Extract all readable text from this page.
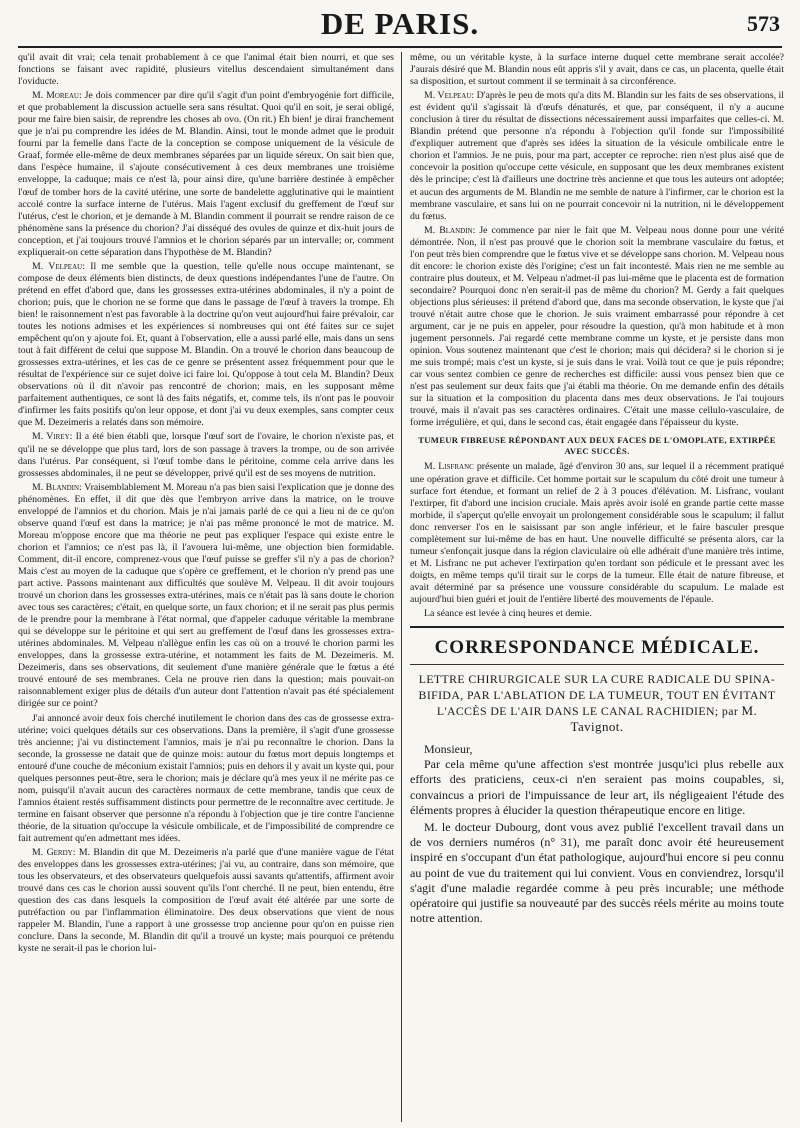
DE PARIS.	573

qu'il avait dit vrai; cela tenait probablement à ce que l'animal était bien nourri, et que ses fonctions se faisant avec rapidité, plusieurs vitellus descendaient simultanément dans l'oviducte.

M. Moreau: Je dois commencer par dire qu'il s'agit d'un point d'embryogénie fort difficile, et que probablement la discussion actuelle sera sans résultat. Quoi qu'il en soit, je serai obligé, pour me faire bien saisir, de reprendre les choses ab ovo. (On rit.) Eh bien! je dirai franchement que je n'ai pu comprendre les idées de M. Blandin. Ainsi, tout le monde admet que le produit fourni par la femelle dans l'acte de la conception se compose uniquement de la vésicule de Graaf, formée elle-même de deux membranes séparées par un liquide séreux. On sait bien que, dans l'espèce humaine, il s'ajoute consécutivement à ces deux membranes une troisième enveloppe, la caduque; mais ce n'est là, pour ainsi dire, qu'une barrière destinée à empêcher l'œuf de tomber hors de la cavité utérine, une sorte de bandelette agglutinative qui le maintient accolé contre la surface interne de l'utérus. Mais l'agent exclusif du greffement de l'œuf sur l'utérus, c'est le chorion, et je demande à M. Blandin comment il pourrait se rendre raison de ce phénomène sans la présence du chorion? J'ai disséqué des ovules de quinze et dix-huit jours de conception, et j'ai toujours trouvé l'amnios et le chorion séparés par un intervalle; or, comment expliquerait-on cette séparation dans l'hypothèse de M. Blandin?

M. Velpeau: Il me semble que la question, telle qu'elle nous occupe maintenant, se compose de deux éléments bien distincts, de deux questions indépendantes l'une de l'autre. On prétend en effet d'abord que, dans les grossesses extra-utérines abdominales, il n'y a point de chorion; puis, que le chorion ne se forme que dans le passage de l'œuf à travers la trompe. Eh bien! le raisonnement n'est pas favorable à la doctrine qu'on veut aujourd'hui faire prévaloir, car toutes les notions admises et les expériences si nombreuses qui ont été faites sur ce sujet empêchent qu'on y ajoute foi. Et, quant à l'observation, elle a aussi parlé elle, mais dans un sens tout à fait différent de celui que suppose M. Blandin. On a trouvé le chorion dans beaucoup de grossesses extra-utérines, et les cas de ce genre se présentent assez fréquemment pour que le résultat de l'expérience sur ce sujet doive ici faire loi. Qu'oppose à tout cela M. Blandin? Deux observations où il dit n'avoir pas rencontré de chorion; mais, en les supposant même parfaitement authentiques, ce sont là des faits négatifs, et, comme tels, ils n'ont pas le pouvoir d'infirmer les faits positifs qu'on leur oppose, et dont j'ai vu deux exemples, sans compter ceux que M. Dezeimeris a relatés dans son mémoire.

M. Virey: Il a été bien établi que, lorsque l'œuf sort de l'ovaire, le chorion n'existe pas, et qu'il ne se développe que plus tard, lors de son passage à travers la trompe, ou de son arrivée dans l'utérus. Par conséquent, si l'œuf tombe dans le péritoine, comme cela arrive dans les grossesses abdominales, il ne peut se développer, privé qu'il est de ses moyens de nutrition.

M. Blandin: Vraisemblablement M. Moreau n'a pas bien saisi l'explication que je donne des phénomènes. En effet, il dit que dès que l'embryon arrive dans la matrice, on le trouve enveloppé de l'amnios et du chorion. Mais je n'ai jamais parlé de ce qui a lieu ni de ce qu'on observe quand l'œuf est dans la matrice; je n'ai pas même prononcé le mot de matrice. M. Moreau m'oppose encore que ma théorie ne peut pas expliquer l'espace qui existe entre le chorion et l'amnios; ce n'est pas là, il l'avouera lui-même, une objection bien formidable. Comment, dit-il encore, comprenez-vous que l'œuf puisse se greffer s'il n'y a pas de chorion? Mais c'est au moyen de la caduque que s'opère ce greffement, et le chorion n'y prend pas une part active. Passons maintenant aux difficultés que soulève M. Velpeau. Il dit avoir toujours trouvé un chorion dans les grossesses extra-utérines, mais ce n'était pas là sans doute le chorion avec tous ses caractères; c'était, en quelque sorte, un faux chorion; et il ne serait pas plus permis de le prendre pour la membrane à l'état normal, que d'appeler caduque véritable la membrane qui se développe sur le péritoine et qui sert au greffement de l'œuf dans les grossesses extra-utérines abdominales. M. Velpeau n'allègue enfin les cas où on a trouvé le chorion parmi les enveloppes, dans la grossesse extra-utérine, et notamment les faits de M. Dezeimeris. M. Dezeimeris, dans ses observations, dit seulement d'une manière générale que le fœtus a été trouvé entouré de ses membranes. Cela ne prouve rien dans la question; mais pouvait-on raisonnablement exiger plus de détails d'un auteur dont l'attention n'avait pas été spécialement dirigée sur ce point?

J'ai annoncé avoir deux fois cherché inutilement le chorion dans des cas de grossesse extra-utérine; voici quelques détails sur ces observations. Dans la première, il s'agit d'une grossesse très ancienne; j'ai vu distinctement l'amnios, mais je n'ai pu reconnaître le chorion. Dans la seconde, la grossesse ne datait que de quinze mois: autour du fœtus mort depuis longtemps et entouré d'une couche de méconium existait l'amnios; puis en dehors il y avait un kyste qui, pour quelques personnes peut-être, sera le chorion; mais je déclare qu'à mes yeux il ne mérite pas ce nom, puisqu'il n'avait aucun des caractères normaux de cette membrane, tandis que ceux de l'amnios étaient restés suffisamment distincts pour permettre de le reconnaître avec certitude. Je termine en faisant observer que personne n'a répondu à l'objection que je tire contre l'ancienne théorie, de la situation qu'occupe la vésicule ombilicale, et de l'impossibilité de comprendre ce fait autrement qu'en admettant mes idées.

M. Gerdy: M. Blandin dit que M. Dezeimeris n'a parlé que d'une manière vague de l'état des enveloppes dans les grossesses extra-utérines; j'ai vu, au contraire, dans son mémoire, que tous les observateurs, et des observateurs quelquefois aussi savants qu'attentifs, affirment avoir trouvé dans ces cas le chorion aussi souvent qu'ils l'ont cherché. Il ne peut, bien entendu, être question des cas dans lesquels la composition de l'œuf avait été altérée par une sorte de putréfaction ou par l'inflammation éliminatoire. Des deux observations que vient de nous rappeler M. Blandin, l'une a rapport à une grossesse trop ancienne pour qu'on en puisse rien conclure. Dans la seconde, M. Blandin dit qu'il a trouvé un kyste; mais pourquoi ce prétendu kyste ne serait-il pas le chorion lui-

même, ou un véritable kyste, à la surface interne duquel cette membrane serait accolée? J'aurais désiré que M. Blandin nous eût appris s'il y avait, dans ce cas, un placenta, quelle était sa disposition, et surtout comment il se terminait à sa circonférence.

M. Velpeau: D'après le peu de mots qu'a dits M. Blandin sur les faits de ses observations, il est évident qu'il s'agissait là d'œufs dénaturés, et que, par conséquent, il n'y a aucune conclusion à tirer du résultat de dissections nécessairement aussi imparfaites que celles-ci. M. Blandin prétend que personne n'a répondu à l'objection qu'il fonde sur l'impossibilité d'expliquer autrement que d'après ses idées la situation de la vésicule ombilicale entre le chorion et l'amnios. Je ne puis, pour ma part, accepter ce reproche: rien n'est plus aisé que de concevoir la position qu'occupe cette vésicule, en supposant que les deux membranes existent dès le principe; c'est là d'ailleurs une doctrine très ancienne et que tous les auteurs ont adoptée; et aucun des arguments de M. Blandin ne me semble de nature à l'infirmer, car le chorion est la membrane vasculaire, et sans lui on ne pourrait concevoir ni la nutrition, ni le développement du fœtus.

M. Blandin: Je commence par nier le fait que M. Velpeau nous donne pour une vérité démontrée. Non, il n'est pas prouvé que le chorion soit la membrane vasculaire du fœtus, et l'on peut très bien comprendre que le fœtus vive et se développe sans chorion. M. Velpeau nous dit encore: le chorion existe dès l'origine; c'est un fait incontesté. Mais rien ne me semble au contraire plus douteux, et M. Velpeau n'admet-il pas lui-même que le placenta est de formation secondaire? Pourquoi donc n'en serait-il pas de même du chorion? M. Gerdy a fait quelques objections plus sérieuses: il prétend d'abord que, dans ma seconde observation, le kyste que j'ai trouvé n'était autre chose que le chorion. Je suis vraiment embarrassé pour répondre à cet argument, car je ne puis en appeler, pour résoudre la question, qu'à mon habitude et à mon jugement personnels. J'ai regardé cette membrane comme un kyste, et je persiste dans mon opinion. Vous soutenez maintenant que c'est le chorion; mais qui décidera? si le chorion si je me suis trompé; mais c'est un kyste, si je suis dans le vrai. Voilà tout ce que je puis répondre; car vous sentez combien ce genre de recherches est difficile: aussi vous pensez bien que ce n'est pas seulement sur deux faits que j'ai établi ma théorie. On me demande enfin des détails sur la situation et la composition du placenta dans mes deux observations. Je l'ai toujours trouvé, mais il n'avait pas ses caractères ordinaires. C'était une masse cellulo-vasculaire, de forme irrégulière, et qui, dans le second cas, était engagée dans l'épaisseur du kyste.

TUMEUR FIBREUSE RÉPONDANT AUX DEUX FACES DE L'OMOPLATE, EXTIRPÉE AVEC SUCCÈS.

M. Lisfranc présente un malade, âgé d'environ 30 ans, sur lequel il a récemment pratiqué une opération grave et difficile. Cet homme portait sur le scapulum du côté droit une tumeur à surface fort étendue, et formant un relief de 2 à 3 pouces d'élévation. M. Lisfranc, voulant l'extirper, fit d'abord une incision cruciale. Mais après avoir isolé en grande partie cette masse morbide, il s'aperçut qu'elle envoyait un prolongement considérable sous le scapulum; il fallut donc renverser l'os en le saisissant par son angle inférieur, et le faire basculer presque complètement sur lui-même de bas en haut. Une nouvelle difficulté se présenta alors, car la tumeur s'enfonçait jusque dans la région claviculaire où elle adhérait d'une manière très intime, et M. Lisfranc ne put achever l'extirpation qu'en tordant son pédicule et le pressant avec les doigts, en même temps qu'il tirait sur le corps de la tumeur. Elle était de nature fibreuse, et avait déterminé par sa présence une voussure considérable du scapulum. Le malade est aujourd'hui bien guéri et jouit de l'entière liberté des mouvements de l'épaule.

La séance est levée à cinq heures et demie.

CORRESPONDANCE MÉDICALE.
LETTRE CHIRURGICALE SUR LA CURE RADICALE DU SPINA-BIFIDA, PAR L'ABLATION DE LA TUMEUR, TOUT EN ÉVITANT L'ACCÈS DE L'AIR DANS LE CANAL RACHIDIEN; par M. Tavignot.

Monsieur,

Par cela même qu'une affection s'est montrée jusqu'ici plus rebelle aux efforts des praticiens, ceux-ci n'en seraient pas moins coupables, si, convaincus a priori de l'impuissance de leur art, ils négligeaient l'étude des éléments propres à élucider la question thérapeutique encore en litige.

M. le docteur Dubourg, dont vous avez publié l'excellent travail dans un de vos derniers numéros (n° 31), me paraît donc avoir été heureusement inspiré en s'occupant d'un état pathologique, aujourd'hui encore si peu connu au point de vue du traitement qui lui convient. Vous en conviendrez, lorsqu'il s'agit d'une maladie regardée comme à peu près incurable; une méthode opératoire qui justifie sa nouveauté par des succès réels mérite au moins toute notre attention.
